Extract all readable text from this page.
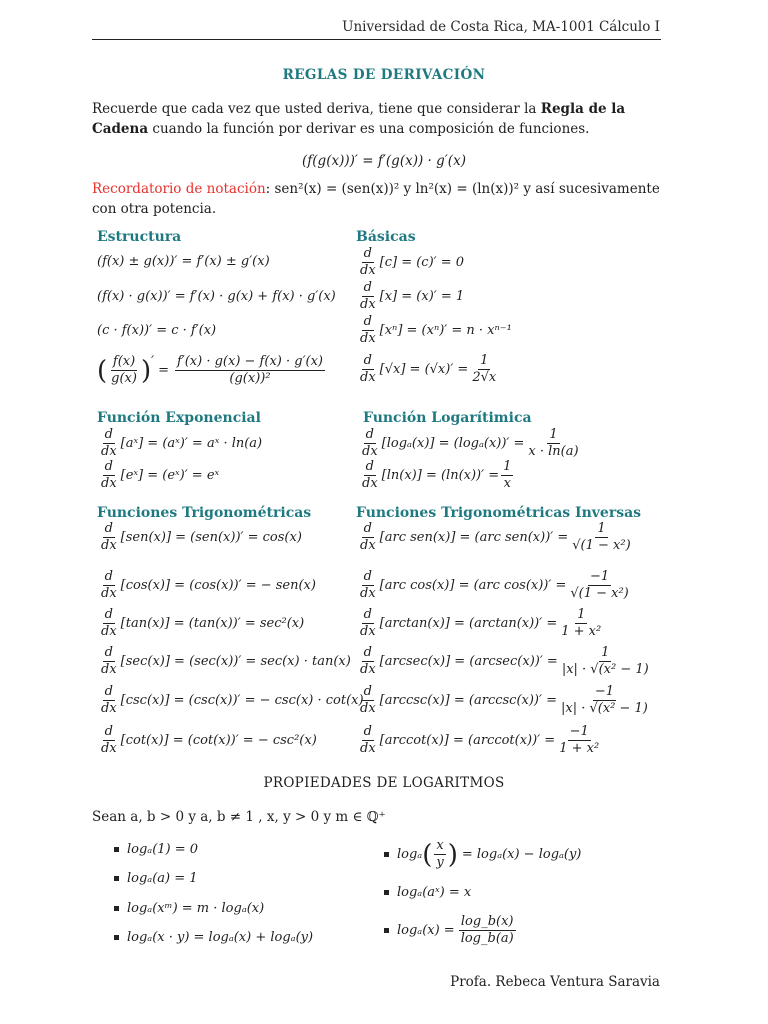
Universidad de Costa Rica, MA-1001 Cálculo I
REGLAS DE DERIVACIÓN
Recuerde que cada vez que usted deriva, tiene que considerar la Regla de la Cadena cuando la función por derivar es una composición de funciones.
(f(g(x)))′ = f′(g(x)) · g′(x)
Recordatorio de notación: sen²(x) = (sen(x))² y ln²(x) = (ln(x))² y así sucesivamente con otra potencia.
Estructura
(f(x) ± g(x))′ = f′(x) ± g′(x)
(f(x) · g(x))′ = f′(x) · g(x) + f(x) · g′(x)
(c · f(x))′ = c · f′(x)
( $\frac{f(x)}{g(x)}$ ) ′
= $\frac{f'(x) \cdot g(x) - f(x) \cdot g'(x)}{\text{(g(x))²}}$
Básicas
$\frac{d}{dx} [c] = (c)' = 0$
$\frac{d}{dx} [x] = (x)' = 1$
$\frac{d}{dx} [x^n] = (x^n)' = n \cdot x^{n-1}$
$\frac{d}{dx} [√x] = (√x)' = \frac{1}{2√x}$
Función Exponencial
$\frac{d}{dx}$ [aˣ] = (aˣ)′ = aˣ · ln(a)
$\frac{d}{dx}$ [eˣ] = (eˣ)′ = eˣ
Función Logarítimica
$\frac{d}{dx} [\log_a(x)] = (\log_a(x))' = \frac{1}{x \cdot \ln(a)}$
$\frac{d}{dx} [\ln(x)] = (\ln(x))' = \frac{1}{x}$
Funciones Trigonométricas
$\frac{d}{dx} [sen(x)] = (sen(x))' = \cos(x)$
$\frac{d}{dx} [\cos(x)] = (\cos(x))'$ = − sen(x)
$\frac{d}{dx} [\tan(x)] = (\tan(x))' = \sec^2(x)$
$\frac{d}{dx} [\sec(x)] = (\sec(x))' = \sec(x) \cdot \tan(x)$
$\frac{d}{dx} [\csc(x)] = (\csc(x))'$ = − csc(x) · cot(x)
$\frac{d}{dx} [\cot(x)] = (\cot(x))'$ = − csc²(x)
Funciones Trigonométricas Inversas
$\frac{d}{dx} [arc$ sen(x)] = (arc $sen(x))' = \frac{1}{\text{√(1 − x²)}}$
$\frac{d}{dx} [arc$ cos(x)] = (arc $\cos(x))' = \frac{-1}{\text{√(1 − x²)}}$
$\frac{d}{dx} [\arctan(x)] = (\arctan(x))' = \frac{1}{\text{1 + x²}}$
$\frac{d}{dx} [arcsec(x)] = (arcsec(x))' = \frac{1}{\text{|x| · √(x² − 1)}}$
$\frac{d}{dx} [arccsc(x)] = (arccsc(x))' = \frac{-1}{\text{|x| · √(x² − 1)}}$
$\frac{d}{dx} [arccot(x)] = (arccot(x))' = \frac{-1}{\text{1 + x²}}$
PROPIEDADES DE LOGARITMOS
Sean a, b > 0 y a, b ≠ 1 , x, y > 0 y m ∈ ℚ⁺
logₐ(1) = 0
logₐ(a) = 1
logₐ(xᵐ) = m · logₐ(x)
logₐ(x · y) = logₐ(x) + logₐ(y)
logₐ ( $\frac{x}{y}$ ) = logₐ(x) − logₐ(y)
logₐ(aˣ) = x
$\log_a(x) = \frac{\log\_b(x)}{\log\_b(a)}$
Profa. Rebeca Ventura Saravia
